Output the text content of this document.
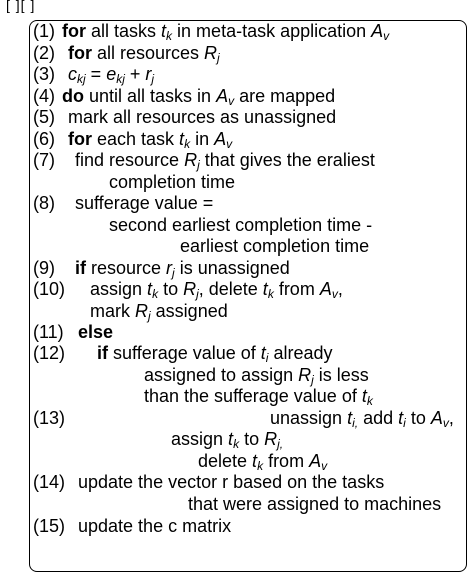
[ ][ ]
(1) for all tasks $t_k$ in meta-task application $A_v$
(2) for all resources $R_j$
(3) $c_{kj} = e_{kj} + r_j$
(4) do until all tasks in $A_v$ are mapped
(5) mark all resources as unassigned
(6) for each task $t_k$ in $A_v$
(7) find resource $R_j$ that gives the eraliest
completion time
(8) sufferage value =
second earliest completion time -
earliest completion time
(9) if resource $r_j$ is unassigned
(10) assign $t_k$ to $R_j$, delete $t_k$ from $A_v$,
mark $R_j$ assigned
(11) else
(12) if sufferage value of $t_i$ already
assigned to assign $R_j$ is less
than the sufferage value of $t_k$
(13)	unassign $t_{i,}$ add $t_i$ to $A_v$,
assign $t_k$ to $R_{j,}$
delete $t_k$ from $A_v$
(14) update the vector r based on the tasks
that were assigned to machines
(15) update the c matrix
